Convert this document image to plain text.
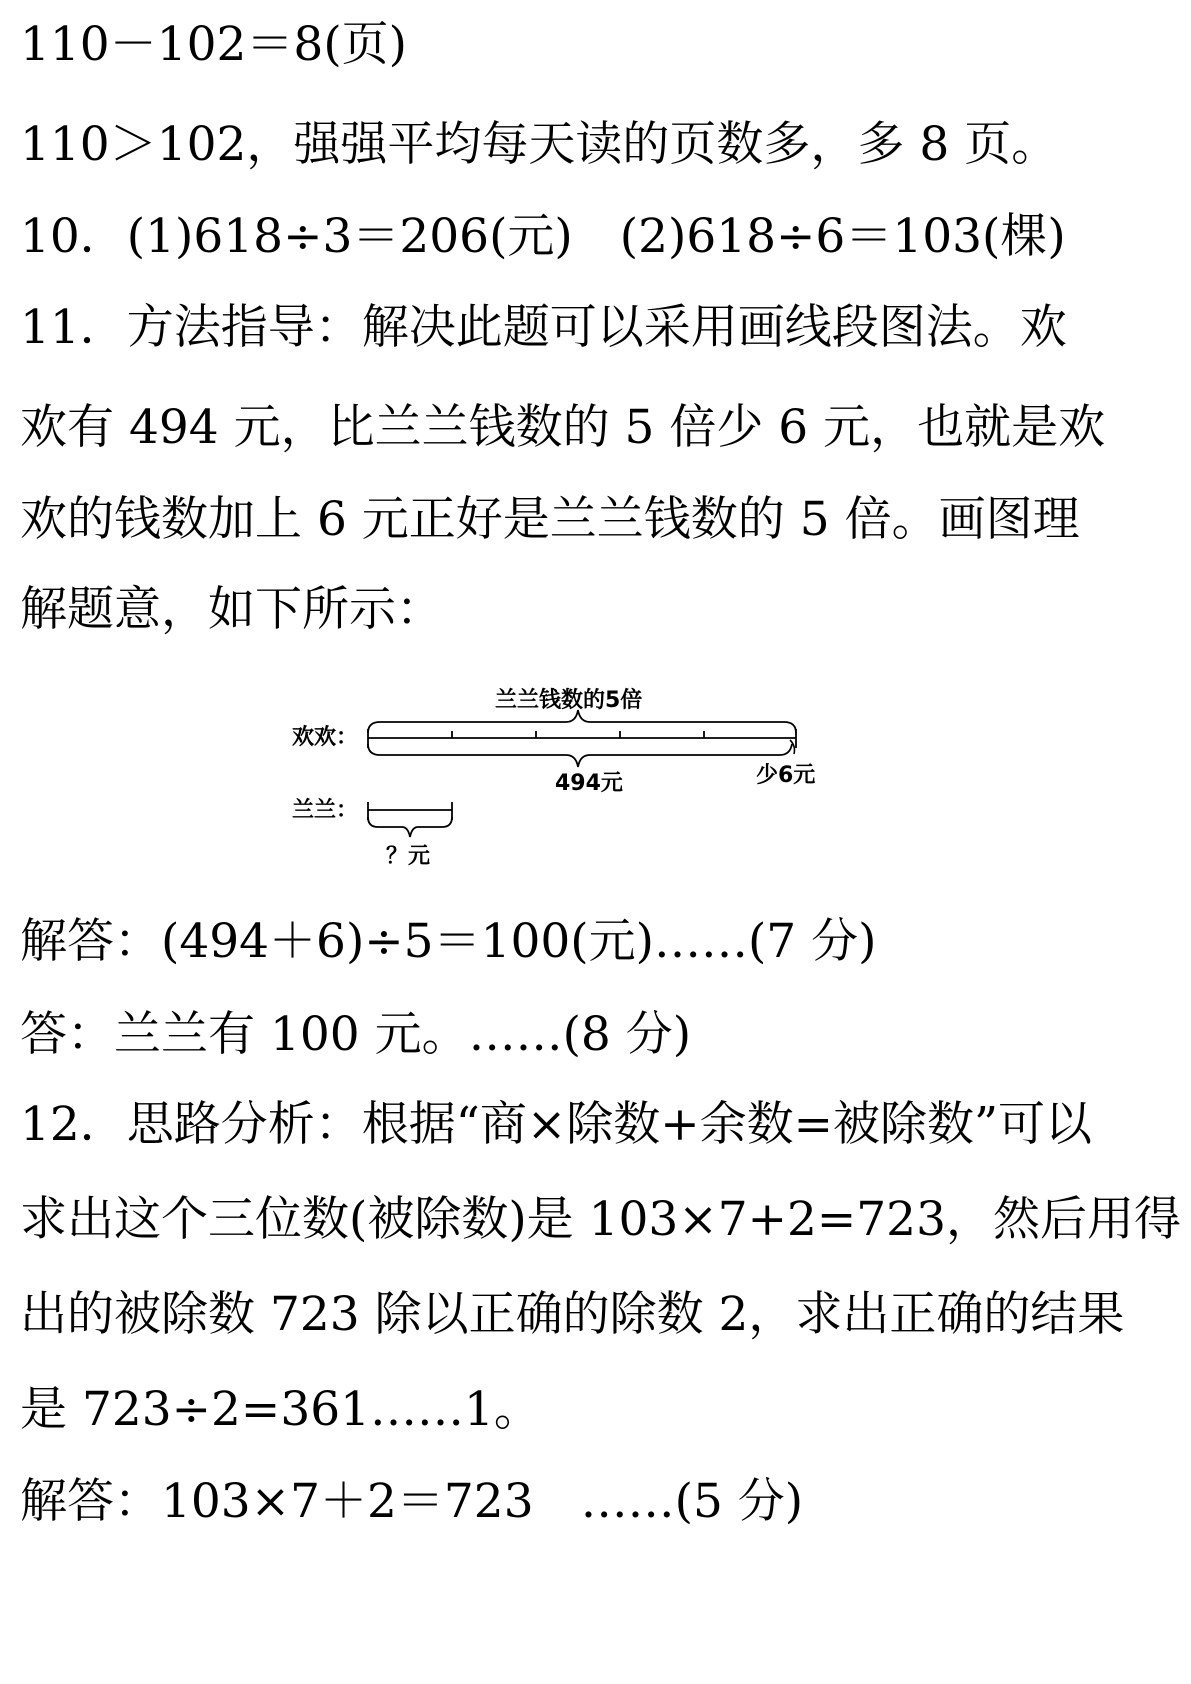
110－102＝8(页)
110＞102，强强平均每天读的页数多，多 8 页。
10．(1)618÷3＝206(元)　(2)618÷6＝103(棵)
11．方法指导：解决此题可以采用画线段图法。欢
欢有 494 元，比兰兰钱数的 5 倍少 6 元，也就是欢
欢的钱数加上 6 元正好是兰兰钱数的 5 倍。画图理
解题意，如下所示：
兰兰钱数的5倍
欢欢：
494元	少6元
兰兰：
？元
解答：(494＋6)÷5＝100(元)……(7 分)
答：兰兰有 100 元。……(8 分)
12．思路分析：根据“商×除数+余数=被除数”可以
求出这个三位数(被除数)是 103×7+2=723，然后用得
出的被除数 723 除以正确的除数 2，求出正确的结果
是 723÷2=361……1。
解答：103×7＋2＝723　……(5 分)
